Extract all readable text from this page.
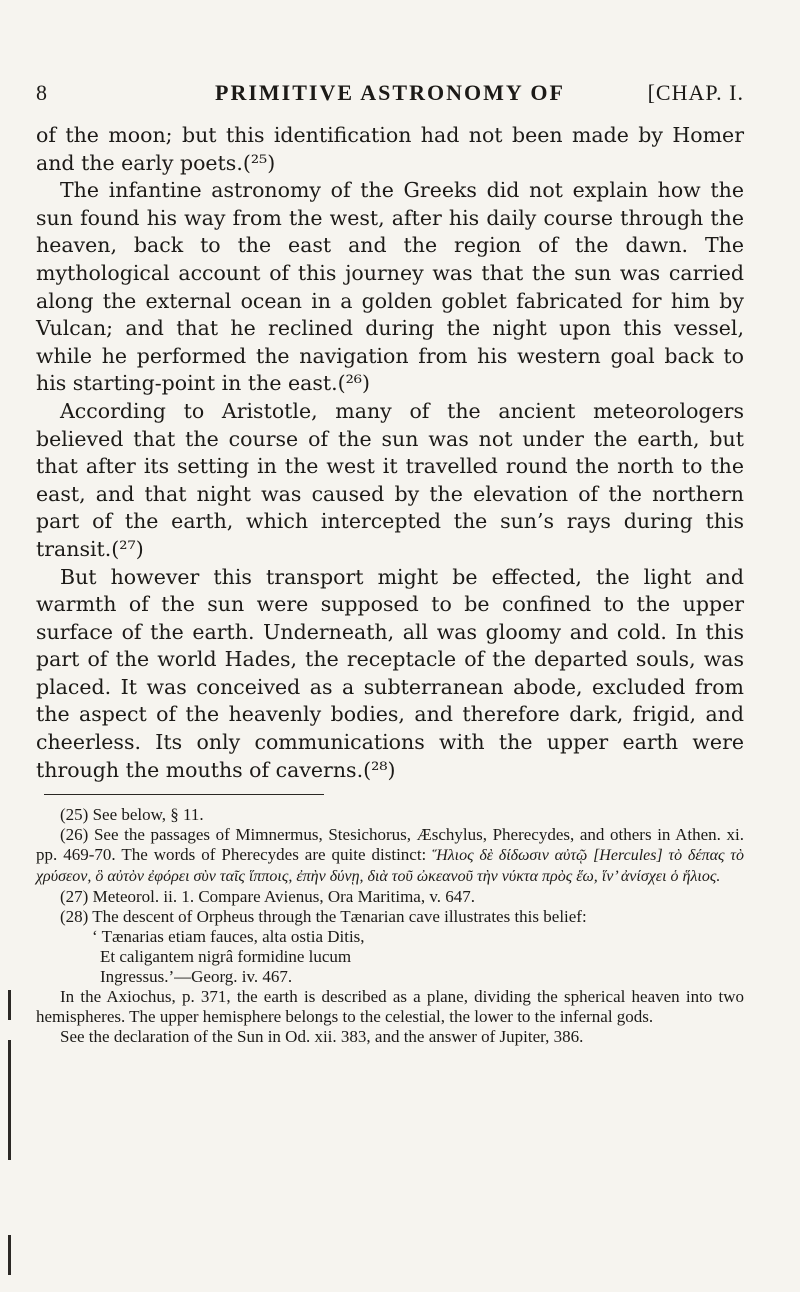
8	PRIMITIVE ASTRONOMY OF	[CHAP. I.

of the moon; but this identification had not been made by Homer and the early poets.(²⁵)

The infantine astronomy of the Greeks did not explain how the sun found his way from the west, after his daily course through the heaven, back to the east and the region of the dawn. The mythological account of this journey was that the sun was carried along the external ocean in a golden goblet fabricated for him by Vulcan; and that he reclined during the night upon this vessel, while he performed the navigation from his western goal back to his starting-point in the east.(²⁶)

According to Aristotle, many of the ancient meteorologers believed that the course of the sun was not under the earth, but that after its setting in the west it travelled round the north to the east, and that night was caused by the elevation of the northern part of the earth, which intercepted the sun’s rays during this transit.(²⁷)

But however this transport might be effected, the light and warmth of the sun were supposed to be confined to the upper surface of the earth. Underneath, all was gloomy and cold. In this part of the world Hades, the receptacle of the departed souls, was placed. It was conceived as a subterranean abode, excluded from the aspect of the heavenly bodies, and therefore dark, frigid, and cheerless. Its only communications with the upper earth were through the mouths of caverns.(²⁸)

(25) See below, § 11.

(26) See the passages of Mimnermus, Stesichorus, Æschylus, Pherecydes, and others in Athen. xi. pp. 469-70. The words of Pherecydes are quite distinct: Ἥλιος δὲ δίδωσιν αὐτῷ [Hercules] τὸ δέπας τὸ χρύσεον, ὃ αὐτὸν ἐφόρει σὺν ταῖς ἵπποις, ἐπὴν δύνῃ, διὰ τοῦ ὠκεανοῦ τὴν νύκτα πρὸς ἕω, ἵν’ ἀνίσχει ὁ ἥλιος.

(27) Meteorol. ii. 1. Compare Avienus, Ora Maritima, v. 647.

(28) The descent of Orpheus through the Tænarian cave illustrates this belief:

‘ Tænarias etiam fauces, alta ostia Ditis,

Et caligantem nigrâ formidine lucum

Ingressus.’—Georg. iv. 467.

In the Axiochus, p. 371, the earth is described as a plane, dividing the spherical heaven into two hemispheres. The upper hemisphere belongs to the celestial, the lower to the infernal gods.

See the declaration of the Sun in Od. xii. 383, and the answer of Jupiter, 386.
